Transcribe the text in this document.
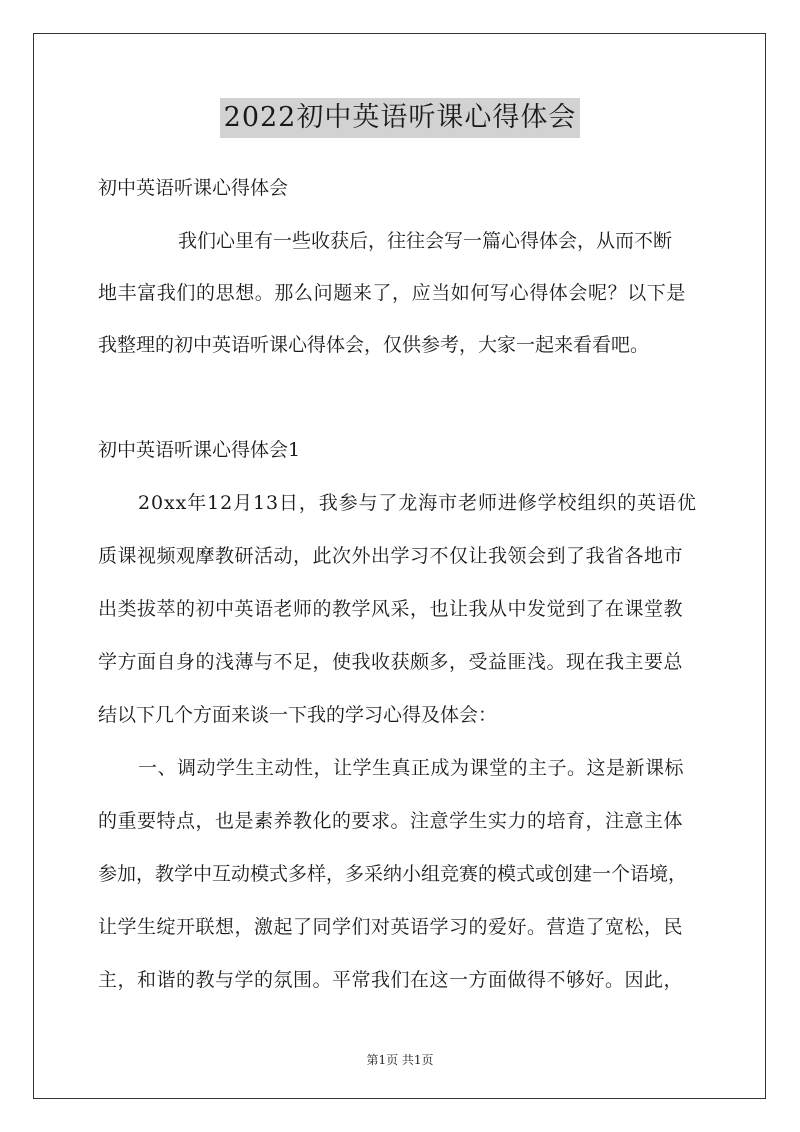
2022初中英语听课心得体会
初中英语听课心得体会
我们心里有一些收获后，往往会写一篇心得体会，从而不断
地丰富我们的思想。那么问题来了，应当如何写心得体会呢？以下是
我整理的初中英语听课心得体会，仅供参考，大家一起来看看吧。
初中英语听课心得体会1
20xx年12月13日，我参与了龙海市老师进修学校组织的英语优
质课视频观摩教研活动，此次外出学习不仅让我领会到了我省各地市
出类拔萃的初中英语老师的教学风采，也让我从中发觉到了在课堂教
学方面自身的浅薄与不足，使我收获颇多，受益匪浅。现在我主要总
结以下几个方面来谈一下我的学习心得及体会：
一、调动学生主动性，让学生真正成为课堂的主子。这是新课标
的重要特点，也是素养教化的要求。注意学生实力的培育，注意主体
参加，教学中互动模式多样，多采纳小组竞赛的模式或创建一个语境，
让学生绽开联想，激起了同学们对英语学习的爱好。营造了宽松，民
主，和谐的教与学的氛围。平常我们在这一方面做得不够好。因此，
第1页 共1页
